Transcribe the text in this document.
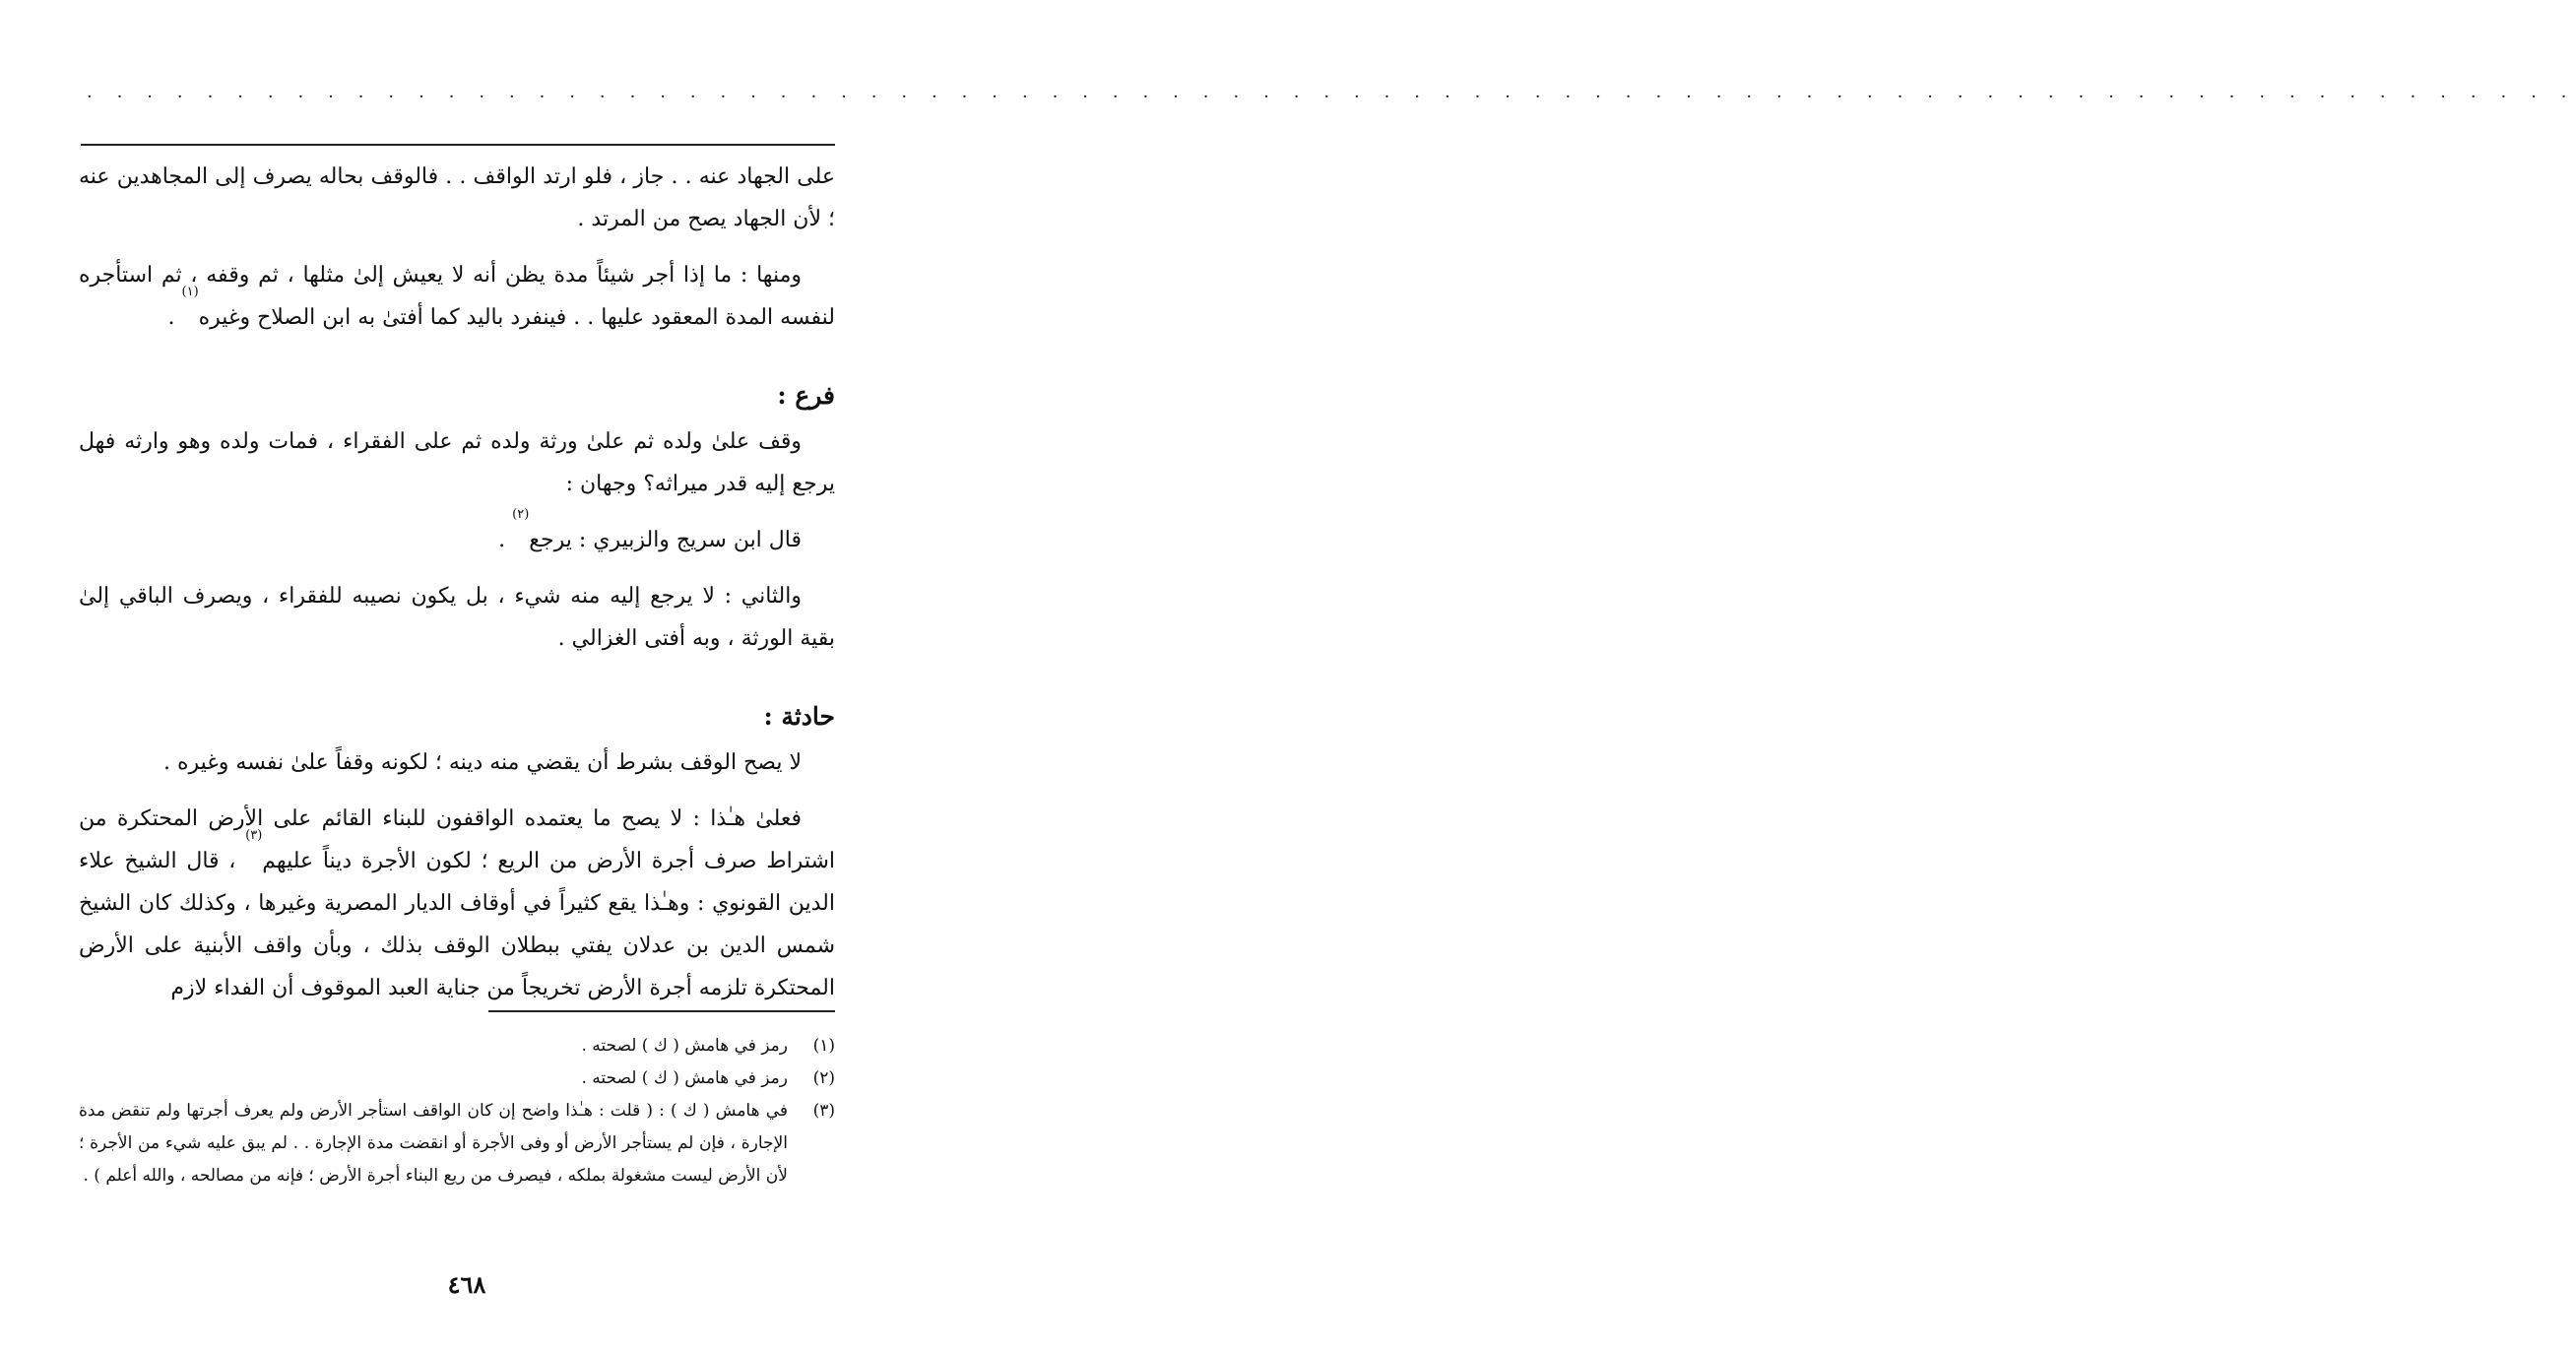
· · · · · · · · · · · · · · · · · · · · · · · · · · · · · · · · · · · · · · · · · · · · · · · · · · · · · · · · · · · · · · · · · · · · · · · · · · · · · · · · · · ·

على الجهاد عنه . . جاز ، فلو ارتد الواقف . . فالوقف بحاله يصرف إلى المجاهدين عنه ؛ لأن الجهاد يصح من المرتد .

ومنها : ما إذا أجر شيئاً مدة يظن أنه لا يعيش إلىٰ مثلها ، ثم وقفه ، ثم استأجره لنفسه المدة المعقود عليها . . فينفرد باليد كما أفتىٰ به ابن الصلاح وغيره$^{(١)}$ .

فرع :

وقف علىٰ ولده ثم علىٰ ورثة ولده ثم على الفقراء ، فمات ولده وهو وارثه فهل يرجع إليه قدر ميراثه؟ وجهان :

قال ابن سريج والزبيري : يرجع$^{(٢)}$ .

والثاني : لا يرجع إليه منه شيء ، بل يكون نصيبه للفقراء ، ويصرف الباقي إلىٰ بقية الورثة ، وبه أفتى الغزالي .

حادثة :

لا يصح الوقف بشرط أن يقضي منه دينه ؛ لكونه وقفاً علىٰ نفسه وغيره .

فعلىٰ هـٰذا : لا يصح ما يعتمده الواقفون للبناء القائم على الأرض المحتكرة من اشتراط صرف أجرة الأرض من الريع ؛ لكون الأجرة ديناً عليهم$^{(٣)}$ ، قال الشيخ علاء الدين القونوي : وهـٰذا يقع كثيراً في أوقاف الديار المصرية وغيرها ، وكذلك كان الشيخ شمس الدين بن عدلان يفتي ببطلان الوقف بذلك ، وبأن واقف الأبنية على الأرض المحتكرة تلزمه أجرة الأرض تخريجاً من جناية العبد الموقوف أن الفداء لازم

(١)
رمز في هامش ( ك ) لصحته .
(٢)
رمز في هامش ( ك ) لصحته .
(٣)
في هامش ( ك ) : ( قلت : هـٰذا واضح إن كان الواقف استأجر الأرض ولم يعرف أجرتها ولم تنقض مدة الإجارة ، فإن لم يستأجر الأرض أو وفى الأجرة أو انقضت مدة الإجارة . . لم يبق عليه شيء من الأجرة ؛ لأن الأرض ليست مشغولة بملكه ، فيصرف من ريع البناء أجرة الأرض ؛ فإنه من مصالحه ، والله أعلم ) .
٤٦٨
